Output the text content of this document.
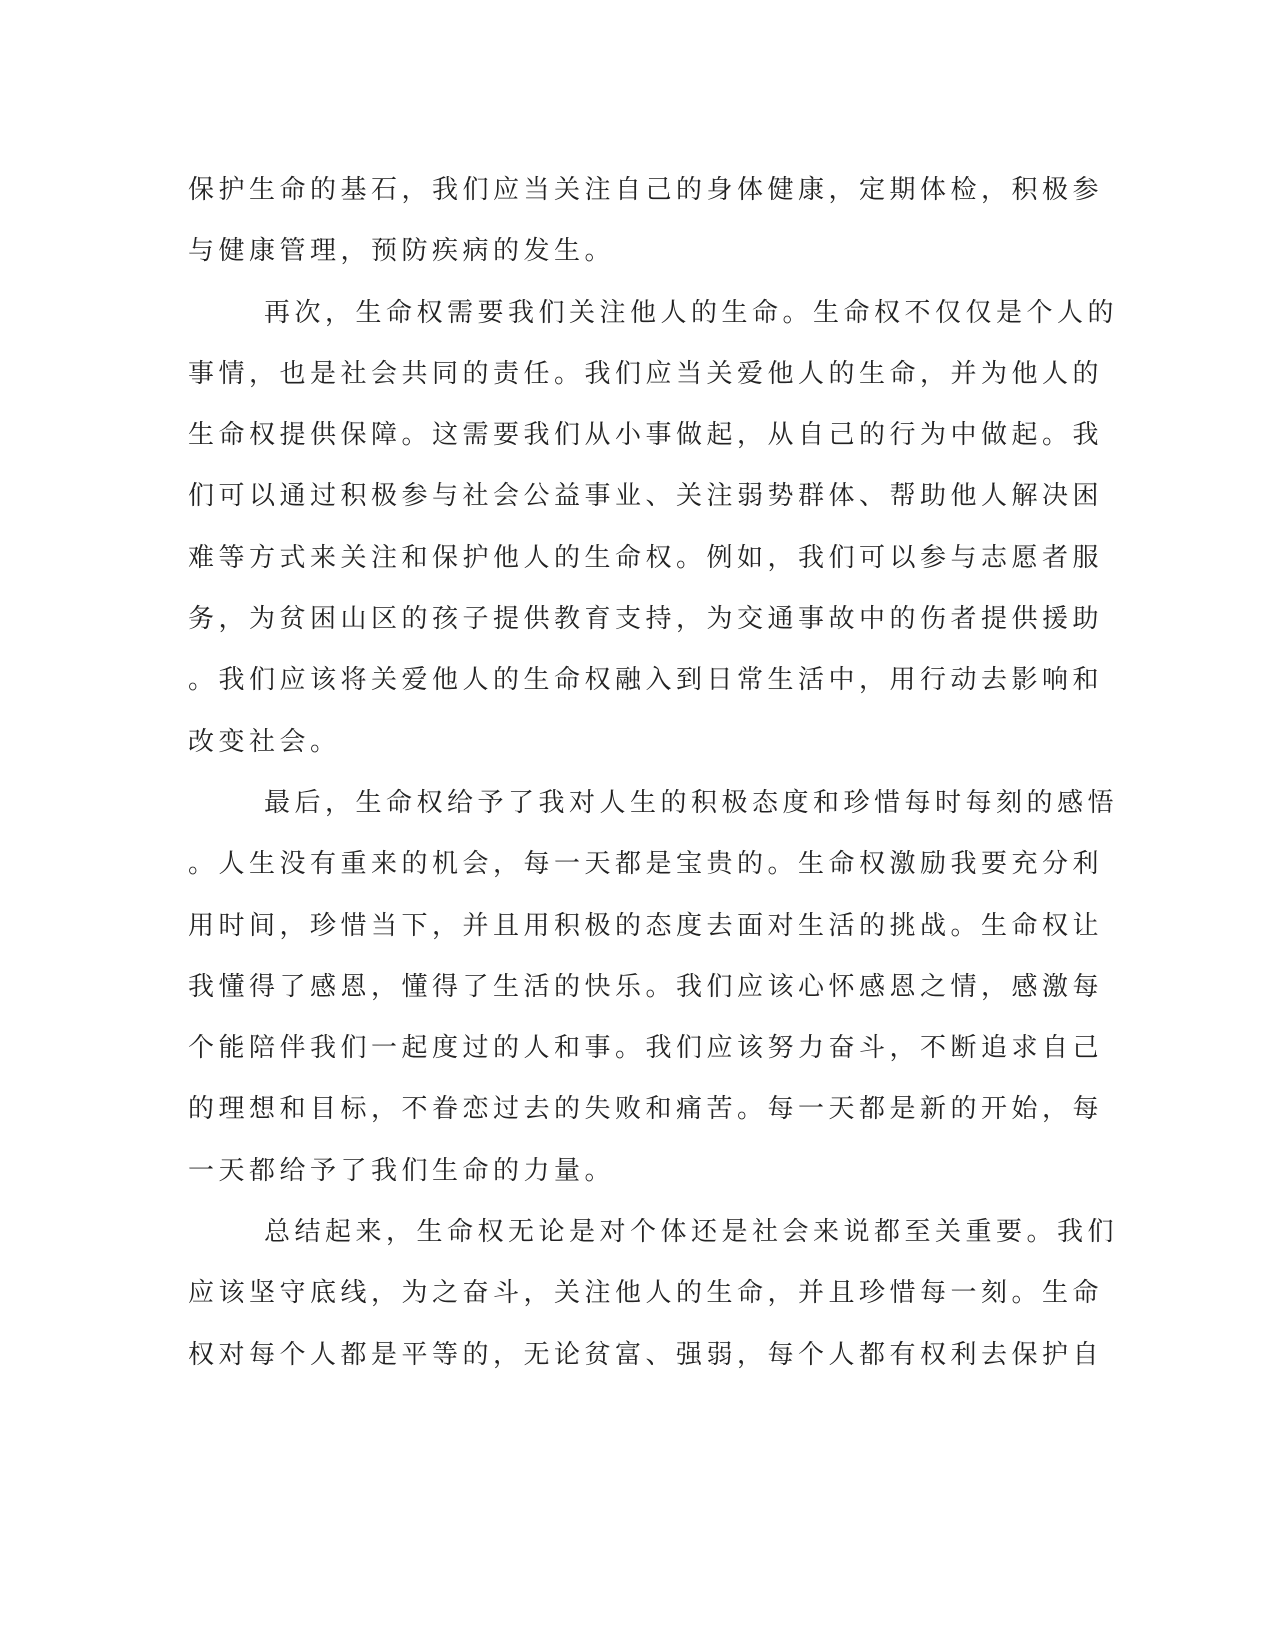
保护生命的基石，我们应当关注自己的身体健康，定期体检，积极参
与健康管理，预防疾病的发生。
再次，生命权需要我们关注他人的生命。生命权不仅仅是个人的
事情，也是社会共同的责任。我们应当关爱他人的生命，并为他人的
生命权提供保障。这需要我们从小事做起，从自己的行为中做起。我
们可以通过积极参与社会公益事业、关注弱势群体、帮助他人解决困
难等方式来关注和保护他人的生命权。例如，我们可以参与志愿者服
务，为贫困山区的孩子提供教育支持，为交通事故中的伤者提供援助
。我们应该将关爱他人的生命权融入到日常生活中，用行动去影响和
改变社会。
最后，生命权给予了我对人生的积极态度和珍惜每时每刻的感悟
。人生没有重来的机会，每一天都是宝贵的。生命权激励我要充分利
用时间，珍惜当下，并且用积极的态度去面对生活的挑战。生命权让
我懂得了感恩，懂得了生活的快乐。我们应该心怀感恩之情，感激每
个能陪伴我们一起度过的人和事。我们应该努力奋斗，不断追求自己
的理想和目标，不眷恋过去的失败和痛苦。每一天都是新的开始，每
一天都给予了我们生命的力量。
总结起来，生命权无论是对个体还是社会来说都至关重要。我们
应该坚守底线，为之奋斗，关注他人的生命，并且珍惜每一刻。生命
权对每个人都是平等的，无论贫富、强弱，每个人都有权利去保护自
